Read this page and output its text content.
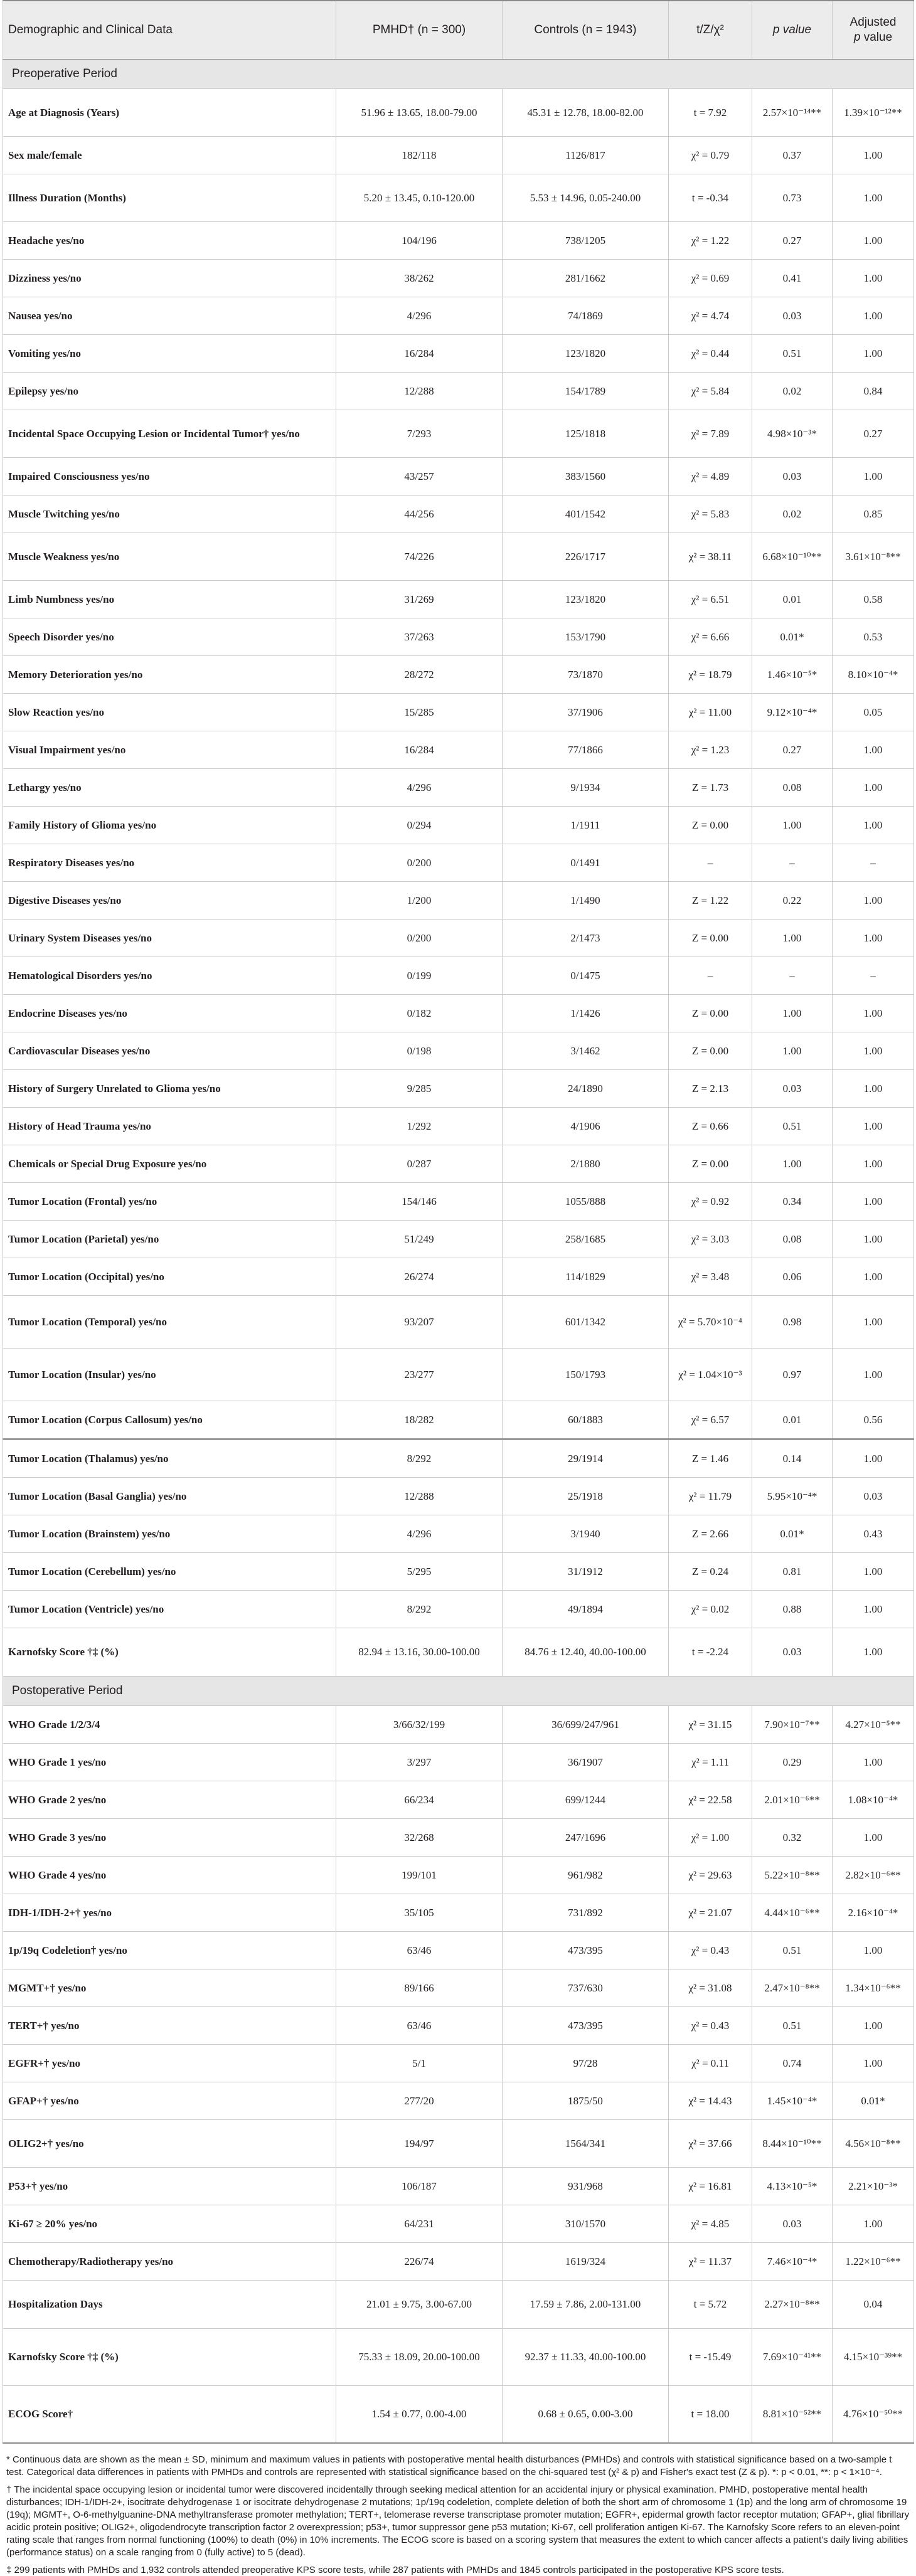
Demographic and Clinical Data	PMHD† (n = 300)	Controls (n = 1943)	t/Z/χ²	p value	Adjusted
p value
Preoperative Period					
Age at Diagnosis (Years)	51.96 ± 13.65, 18.00-79.00	45.31 ± 12.78, 18.00-82.00	t = 7.92	2.57×10⁻¹⁴**	1.39×10⁻¹²**
Sex male/female	182/118	1126/817	χ² = 0.79	0.37	1.00
Illness Duration (Months)	5.20 ± 13.45, 0.10-120.00	5.53 ± 14.96, 0.05-240.00	t = -0.34	0.73	1.00
Headache yes/no	104/196	738/1205	χ² = 1.22	0.27	1.00
Dizziness yes/no	38/262	281/1662	χ² = 0.69	0.41	1.00
Nausea yes/no	4/296	74/1869	χ² = 4.74	0.03	1.00
Vomiting yes/no	16/284	123/1820	χ² = 0.44	0.51	1.00
Epilepsy yes/no	12/288	154/1789	χ² = 5.84	0.02	0.84
Incidental Space Occupying Lesion or Incidental Tumor† yes/no	7/293	125/1818	χ² = 7.89	4.98×10⁻³*	0.27
Impaired Consciousness yes/no	43/257	383/1560	χ² = 4.89	0.03	1.00
Muscle Twitching yes/no	44/256	401/1542	χ² = 5.83	0.02	0.85
Muscle Weakness yes/no	74/226	226/1717	χ² = 38.11	6.68×10⁻¹⁰**	3.61×10⁻⁸**
Limb Numbness yes/no	31/269	123/1820	χ² = 6.51	0.01	0.58
Speech Disorder yes/no	37/263	153/1790	χ² = 6.66	0.01*	0.53
Memory Deterioration yes/no	28/272	73/1870	χ² = 18.79	1.46×10⁻⁵*	8.10×10⁻⁴*
Slow Reaction yes/no	15/285	37/1906	χ² = 11.00	9.12×10⁻⁴*	0.05
Visual Impairment yes/no	16/284	77/1866	χ² = 1.23	0.27	1.00
Lethargy yes/no	4/296	9/1934	Z = 1.73	0.08	1.00
Family History of Glioma yes/no	0/294	1/1911	Z = 0.00	1.00	1.00
Respiratory Diseases yes/no	0/200	0/1491	–	–	–
Digestive Diseases yes/no	1/200	1/1490	Z = 1.22	0.22	1.00
Urinary System Diseases yes/no	0/200	2/1473	Z = 0.00	1.00	1.00
Hematological Disorders yes/no	0/199	0/1475	–	–	–
Endocrine Diseases yes/no	0/182	1/1426	Z = 0.00	1.00	1.00
Cardiovascular Diseases yes/no	0/198	3/1462	Z = 0.00	1.00	1.00
History of Surgery Unrelated to Glioma yes/no	9/285	24/1890	Z = 2.13	0.03	1.00
History of Head Trauma yes/no	1/292	4/1906	Z = 0.66	0.51	1.00
Chemicals or Special Drug Exposure yes/no	0/287	2/1880	Z = 0.00	1.00	1.00
Tumor Location (Frontal) yes/no	154/146	1055/888	χ² = 0.92	0.34	1.00
Tumor Location (Parietal) yes/no	51/249	258/1685	χ² = 3.03	0.08	1.00
Tumor Location (Occipital) yes/no	26/274	114/1829	χ² = 3.48	0.06	1.00
Tumor Location (Temporal) yes/no	93/207	601/1342	χ² = 5.70×10⁻⁴	0.98	1.00
Tumor Location (Insular) yes/no	23/277	150/1793	χ² = 1.04×10⁻³	0.97	1.00
Tumor Location (Corpus Callosum) yes/no	18/282	60/1883	χ² = 6.57	0.01	0.56
Tumor Location (Thalamus) yes/no	8/292	29/1914	Z = 1.46	0.14	1.00
Tumor Location (Basal Ganglia) yes/no	12/288	25/1918	χ² = 11.79	5.95×10⁻⁴*	0.03
Tumor Location (Brainstem) yes/no	4/296	3/1940	Z = 2.66	0.01*	0.43
Tumor Location (Cerebellum) yes/no	5/295	31/1912	Z = 0.24	0.81	1.00
Tumor Location (Ventricle) yes/no	8/292	49/1894	χ² = 0.02	0.88	1.00
Karnofsky Score †‡ (%)	82.94 ± 13.16, 30.00-100.00	84.76 ± 12.40, 40.00-100.00	t = -2.24	0.03	1.00
Postoperative Period					
WHO Grade 1/2/3/4	3/66/32/199	36/699/247/961	χ² = 31.15	7.90×10⁻⁷**	4.27×10⁻⁵**
WHO Grade 1 yes/no	3/297	36/1907	χ² = 1.11	0.29	1.00
WHO Grade 2 yes/no	66/234	699/1244	χ² = 22.58	2.01×10⁻⁶**	1.08×10⁻⁴*
WHO Grade 3 yes/no	32/268	247/1696	χ² = 1.00	0.32	1.00
WHO Grade 4 yes/no	199/101	961/982	χ² = 29.63	5.22×10⁻⁸**	2.82×10⁻⁶**
IDH-1/IDH-2+† yes/no	35/105	731/892	χ² = 21.07	4.44×10⁻⁶**	2.16×10⁻⁴*
1p/19q Codeletion† yes/no	63/46	473/395	χ² = 0.43	0.51	1.00
MGMT+† yes/no	89/166	737/630	χ² = 31.08	2.47×10⁻⁸**	1.34×10⁻⁶**
TERT+† yes/no	63/46	473/395	χ² = 0.43	0.51	1.00
EGFR+† yes/no	5/1	97/28	χ² = 0.11	0.74	1.00
GFAP+† yes/no	277/20	1875/50	χ² = 14.43	1.45×10⁻⁴*	0.01*
OLIG2+† yes/no	194/97	1564/341	χ² = 37.66	8.44×10⁻¹⁰**	4.56×10⁻⁸**
P53+† yes/no	106/187	931/968	χ² = 16.81	4.13×10⁻⁵*	2.21×10⁻³*
Ki-67 ≥ 20% yes/no	64/231	310/1570	χ² = 4.85	0.03	1.00
Chemotherapy/Radiotherapy yes/no	226/74	1619/324	χ² = 11.37	7.46×10⁻⁴*	1.22×10⁻⁶**
Hospitalization Days	21.01 ± 9.75, 3.00-67.00	17.59 ± 7.86, 2.00-131.00	t = 5.72	2.27×10⁻⁸**	0.04
Karnofsky Score †‡ (%)	75.33 ± 18.09, 20.00-100.00	92.37 ± 11.33, 40.00-100.00	t = -15.49	7.69×10⁻⁴¹**	4.15×10⁻³⁹**
ECOG Score†	1.54 ± 0.77, 0.00-4.00	0.68 ± 0.65, 0.00-3.00	t = 18.00	8.81×10⁻⁵²**	4.76×10⁻⁵⁰**

* Continuous data are shown as the mean ± SD, minimum and maximum values in patients with postoperative mental health disturbances (PMHDs) and controls with statistical significance based on a two-sample t test. Categorical data differences in patients with PMHDs and controls are represented with statistical significance based on the chi-squared test (χ² & p) and Fisher's exact test (Z & p). *: p < 0.01, **: p < 1×10⁻⁴.

† The incidental space occupying lesion or incidental tumor were discovered incidentally through seeking medical attention for an accidental injury or physical examination. PMHD, postoperative mental health disturbances; IDH-1/IDH-2+, isocitrate dehydrogenase 1 or isocitrate dehydrogenase 2 mutations; 1p/19q codeletion, complete deletion of both the short arm of chromosome 1 (1p) and the long arm of chromosome 19 (19q); MGMT+, O-6-methylguanine-DNA methyltransferase promoter methylation; TERT+, telomerase reverse transcriptase promoter mutation; EGFR+, epidermal growth factor receptor mutation; GFAP+, glial fibrillary acidic protein positive; OLIG2+, oligodendrocyte transcription factor 2 overexpression; p53+, tumor suppressor gene p53 mutation; Ki-67, cell proliferation antigen Ki-67. The Karnofsky Score refers to an eleven-point rating scale that ranges from normal functioning (100%) to death (0%) in 10% increments. The ECOG score is based on a scoring system that measures the extent to which cancer affects a patient's daily living abilities (performance status) on a scale ranging from 0 (fully active) to 5 (dead).

‡ 299 patients with PMHDs and 1,932 controls attended preoperative KPS score tests, while 287 patients with PMHDs and 1845 controls participated in the postoperative KPS score tests.
